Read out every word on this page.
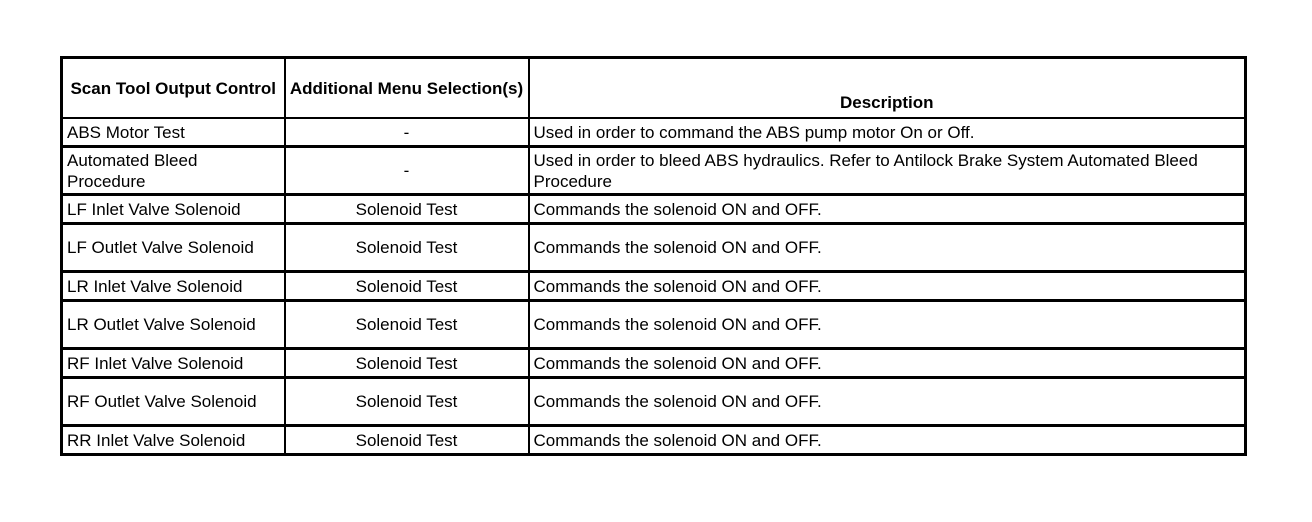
Scan Tool Output Control	Additional Menu Selection(s)	Description
ABS Motor Test	-	Used in order to command the ABS pump motor On or Off.
Automated Bleed Procedure	-	Used in order to bleed ABS hydraulics. Refer to Antilock Brake System Automated Bleed Procedure
LF Inlet Valve Solenoid	Solenoid Test	Commands the solenoid ON and OFF.
LF Outlet Valve Solenoid	Solenoid Test	Commands the solenoid ON and OFF.
LR Inlet Valve Solenoid	Solenoid Test	Commands the solenoid ON and OFF.
LR Outlet Valve Solenoid	Solenoid Test	Commands the solenoid ON and OFF.
RF Inlet Valve Solenoid	Solenoid Test	Commands the solenoid ON and OFF.
RF Outlet Valve Solenoid	Solenoid Test	Commands the solenoid ON and OFF.
RR Inlet Valve Solenoid	Solenoid Test	Commands the solenoid ON and OFF.
